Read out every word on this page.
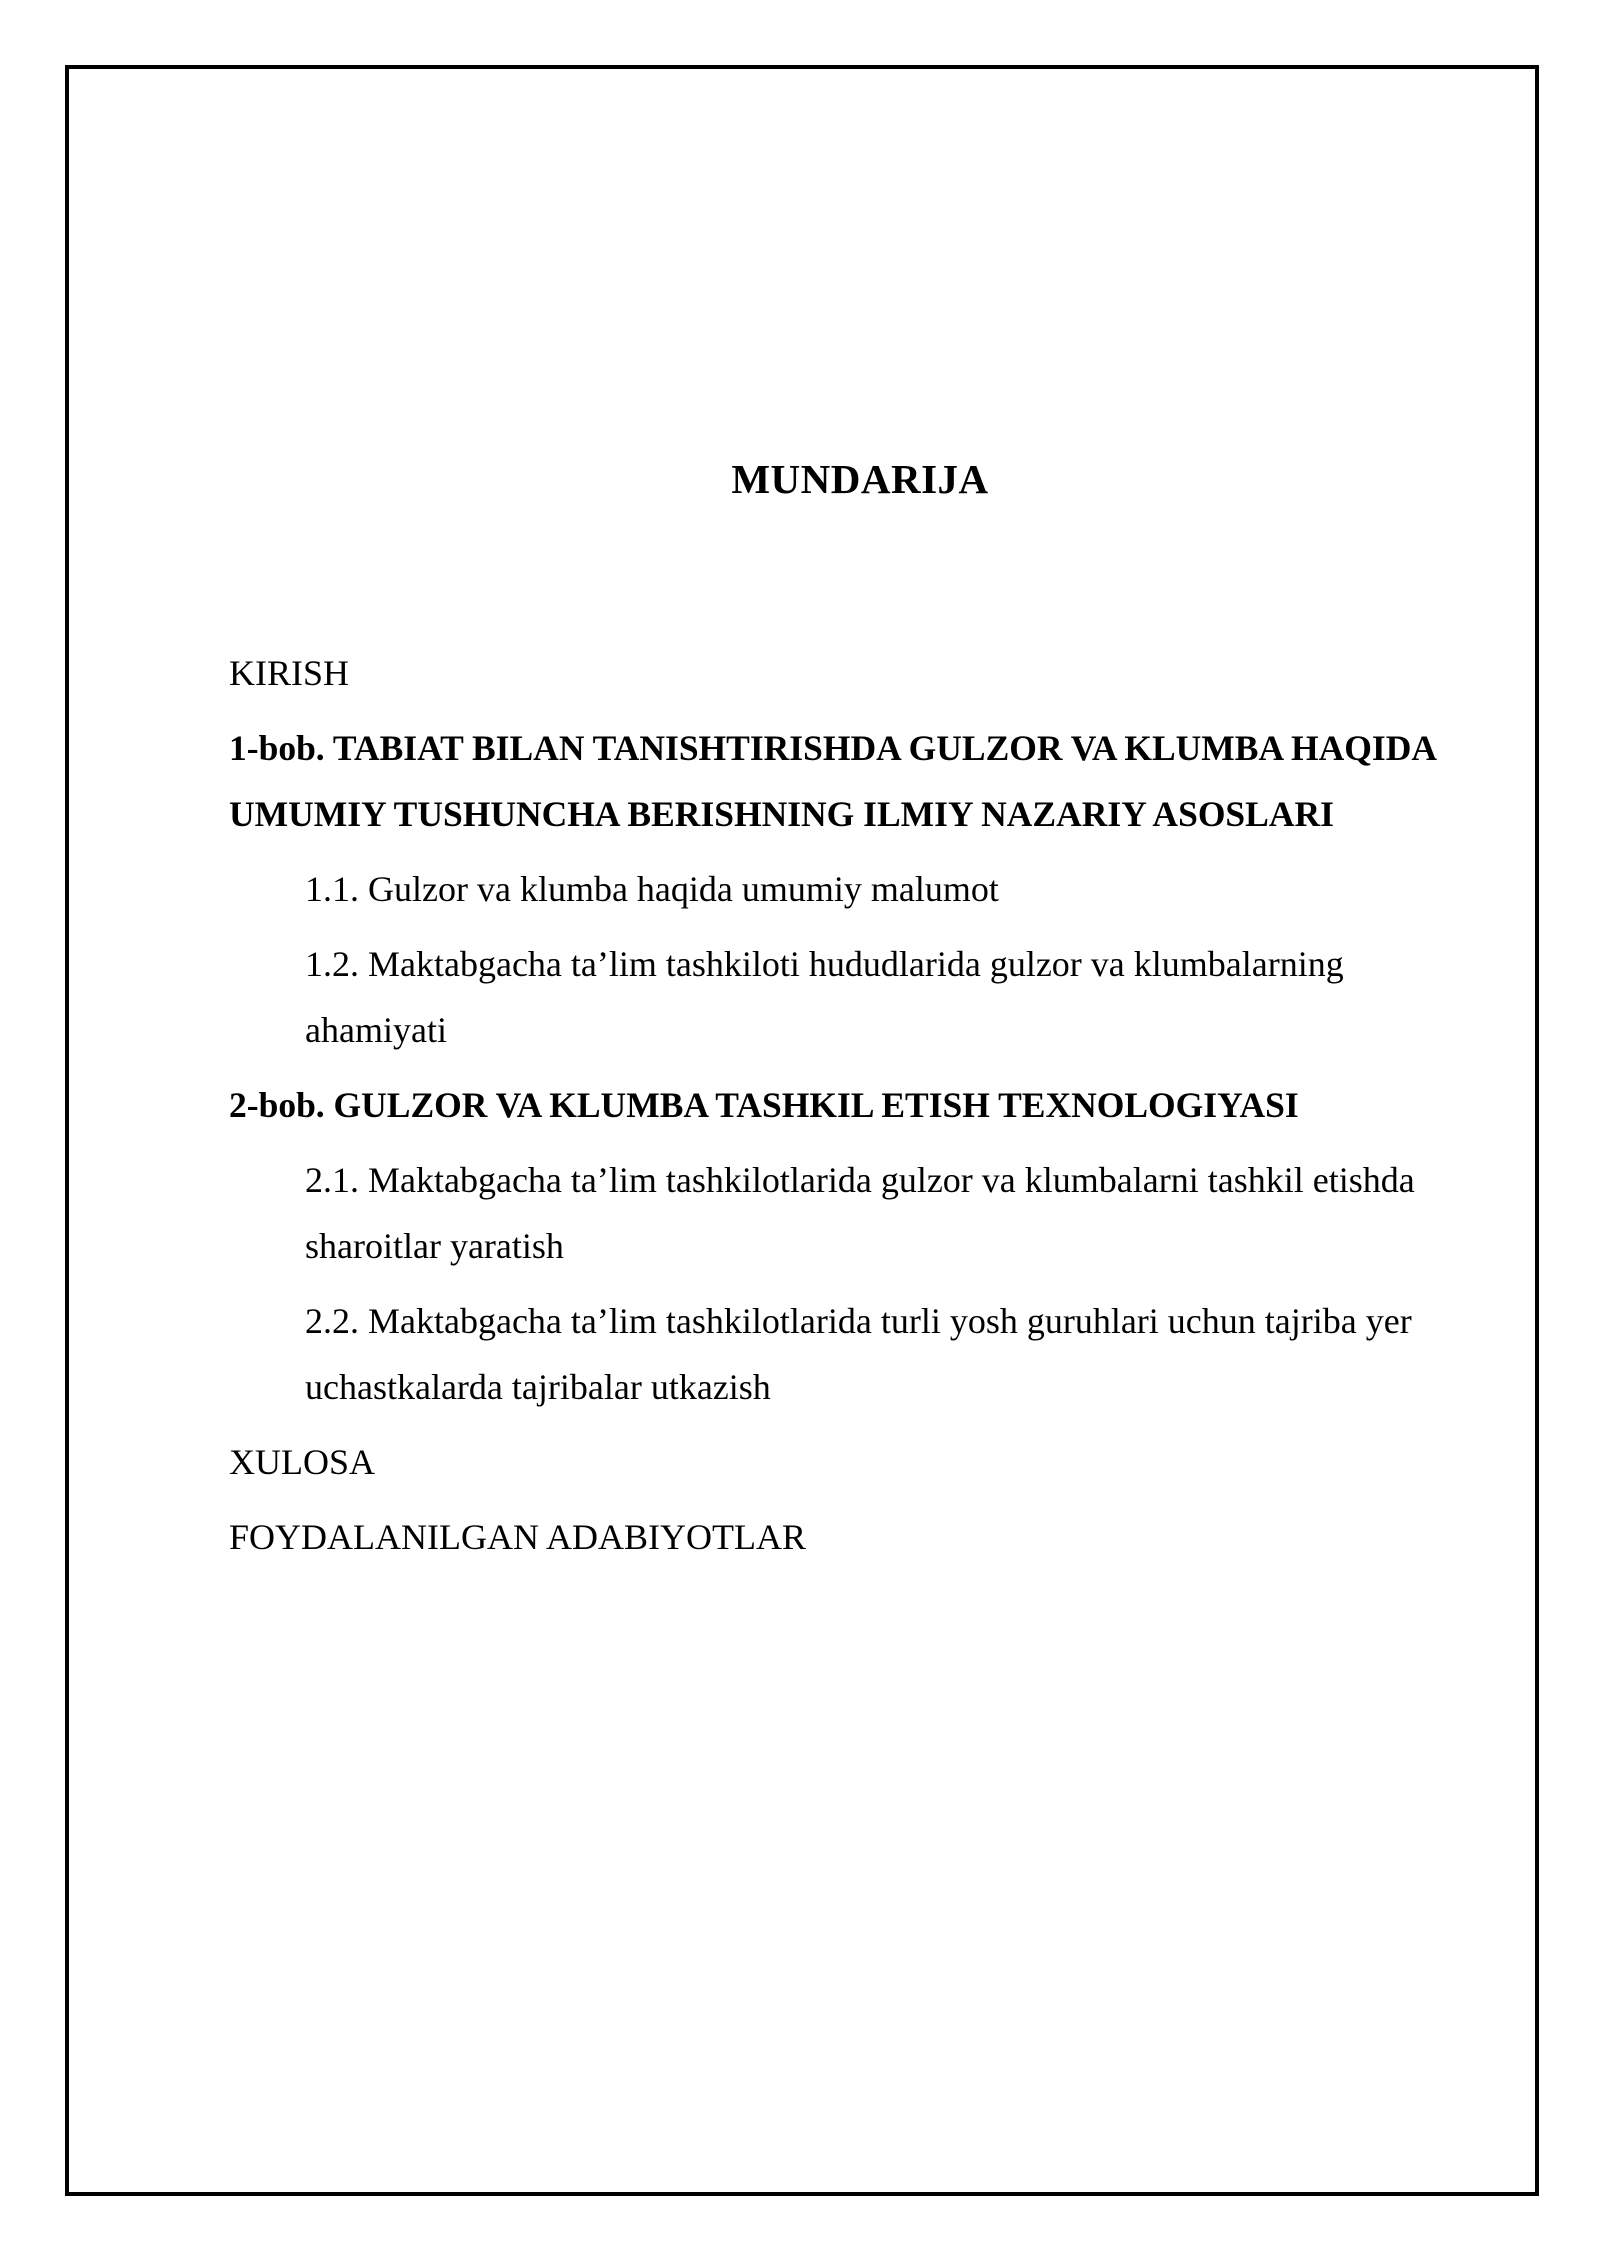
MUNDARIJA
KIRISH
1-bob. TABIAT BILAN TANISHTIRISHDA GULZOR VA KLUMBA HAQIDA UMUMIY TUSHUNCHA BERISHNING ILMIY NAZARIY ASOSLARI
1.1. Gulzor va klumba haqida umumiy malumot
1.2. Maktabgacha ta’lim tashkiloti hududlarida gulzor va klumbalarning ahamiyati
2-bob. GULZOR VA KLUMBA TASHKIL ETISH TEXNOLOGIYASI
2.1. Maktabgacha ta’lim tashkilotlarida gulzor va klumbalarni tashkil etishda sharoitlar yaratish
2.2. Maktabgacha ta’lim tashkilotlarida turli yosh guruhlari uchun tajriba yer uchastkalarda tajribalar utkazish
XULOSA
FOYDALANILGAN ADABIYOTLAR
